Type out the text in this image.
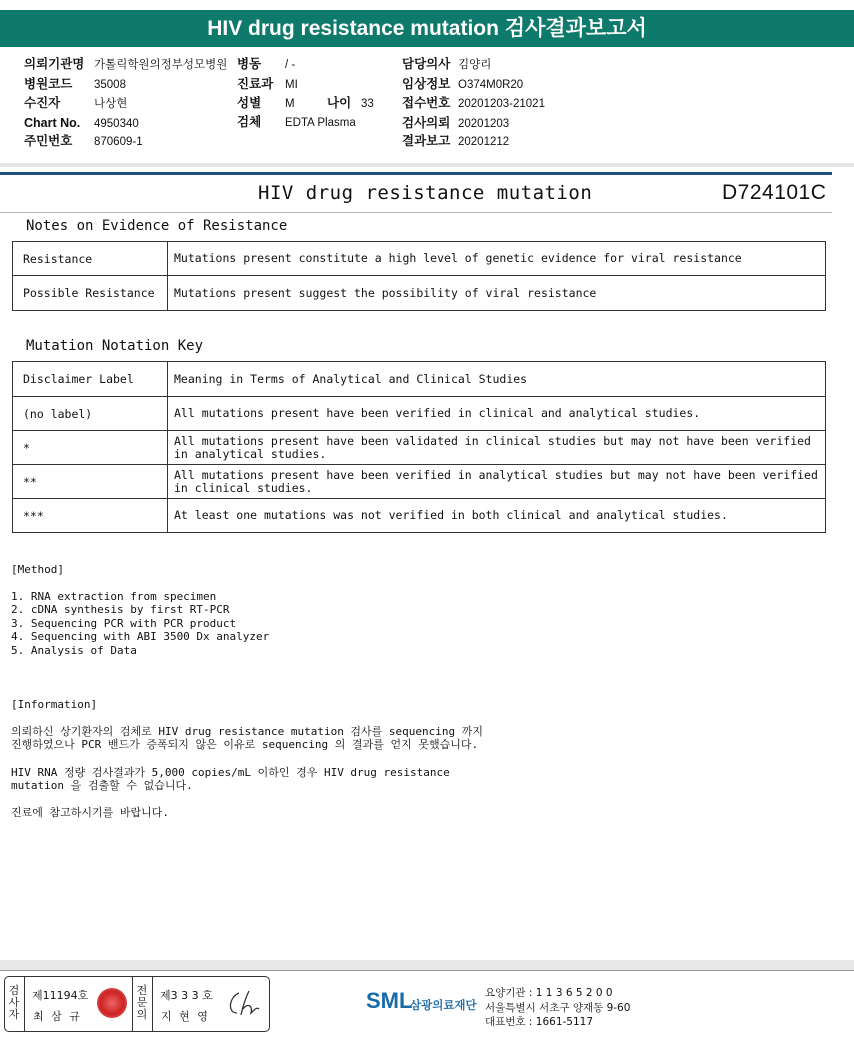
HIV drug resistance mutation 검사결과보고서
의뢰기관명 가톨릭학원의정부성모병원 병동 / -	담당의사 김양리
병원코드 35008	진료과 MI	임상정보 O374M0R20
수진자	나상현	성별 M	나이 33 접수번호 20201203-21021
Chart No. 4950340	검체 EDTA Plasma	검사의뢰 20201203
주민번호 870609-1	결과보고 20201212
HIV drug resistance mutation	D724101C
Notes on Evidence of Resistance
Resistance	Mutations present constitute a high level of genetic evidence for viral resistance
Possible Resistance	Mutations present suggest the possibility of viral resistance
Mutation Notation Key
Disclaimer Label	Meaning in Terms of Analytical and Clinical Studies
(no label)	All mutations present have been verified in clinical and analytical studies.
*	All mutations present have been validated in clinical studies but may not have been verified in analytical studies.
**	All mutations present have been verified in analytical studies but may not have been verified in clinical studies.
***	At least one mutations was not verified in both clinical and analytical studies.
[Method]
1. RNA extraction from specimen
2. cDNA synthesis by first RT-PCR
3. Sequencing PCR with PCR product
4. Sequencing with ABI 3500 Dx analyzer
5. Analysis of Data
[Information]
의뢰하신 상기환자의 검체로 HIV drug resistance mutation 검사를 sequencing 까지
진행하였으나 PCR 밴드가 증폭되지 않은 이유로 sequencing 의 결과를 얻지 못했습니다.
HIV RNA 정량 검사결과가 5,000 copies/mL 이하인 경우 HIV drug resistance
mutation 을 검출할 수 없습니다.
진료에 참고하시기를 바랍니다.
검사자
제11194호
최 삼 규
전문의
제3 3 3 호
지 현 영
SML
삼광의료재단
요양기관 : 1 1 3 6 5 2 0 0
서울특별시 서초구 양재동 9-60
대표번호 : 1661-5117
